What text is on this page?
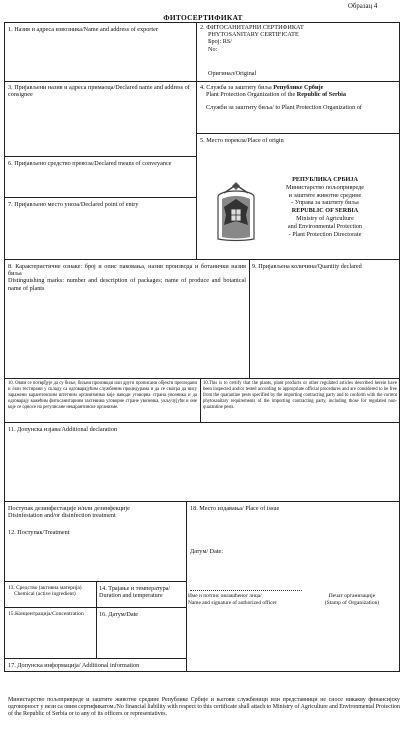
Образац 4
ФИТОСЕРТИФИКАТ
1. Назив и адреса извозника/Name and address of exporter	2. ФИТОСАНИТАРНИ СЕРТИФИКАТ
PHYTOSANITARY CERTIFICATE
Број: RS/
No:
Оригинал/Original
3. Пријављени назив и адреса примаоца/Declared name and address of consignee
4. Служба за заштиту биља Републике Србије
Plant Protection Organization of the Republic of Serbia
Служби за заштиту биља/ to Plant Protection Organization of
5. Место порекла/Place of origin
6. Пријављено средство превоза/Declared means of conveyance
7. Пријављено место уноза/Declared point of entry
РЕПУБЛИКА СРБИЈА
Министарство пољопривреде
и заштите животне средине
- Управа за заштиту биља
REPUBLIC OF SERBIA
Ministry of Agriculture
and Environmental Protection
- Plant Protection Directorate
8. Карактеристичне ознаке: број и опис паковања, назив производа и ботанички назив биља
Distinguishing marks: number and description of packages; name of produce and botanical name of plants
9. Пријављена количина/Quantity declared
10. Овим се потврђује да су биље, биљни производи или други прописани објекти прегледани и /или тестирани у складу са одговарајућим службеним процедурама и да се сматра да нису заражени карантинским штетним организмима које наводи уговорна страна увозника и да одговарају важећим фитосанитарним захтевима уговорне стране увозника, укључујући и оне које се односе на регулисане некарантинске организме.
10.This is to certify that the plants, plant products or other regulated articles described herein have been inspected and/or tested according to appropriate official procedures and are considered to be free from the quarantine pests specified by the importing contracting party and to conform with the current phytosanitary requirements of the importing contracting party, including those for regulated non-quarantine pests.
11. Допунска изјава/Additional declaration
Поступак дезинфестације и/или дезинфекције
Disinfestation and/or disinfection treatment
12. Поступак/Treatment
13. Средство (активна материја)
Chemical (active ingredient)
14. Трајање и температура/ Duration and temperature
15.Концентрација/Concentration 16. Датум/Date
17. Допунска информација/ Additional information
18. Место издавања/ Place of issue
Датум/ Date:
Име и потпис овлашћеног лица/
Name and signature of authorized officer
Печат организације
(Stamp of Organization)
Министарство пољопривреде и заштите животне средине Републике Србије и његови службеници или представници не сносе никакву финансијску одговорност у вези са овим сертификатом./No financial liability with respect to this certificate shall attach to Ministry of Agriculture and Environmental Protection of the Republic of Serbia or to any of its officers or representatives.
